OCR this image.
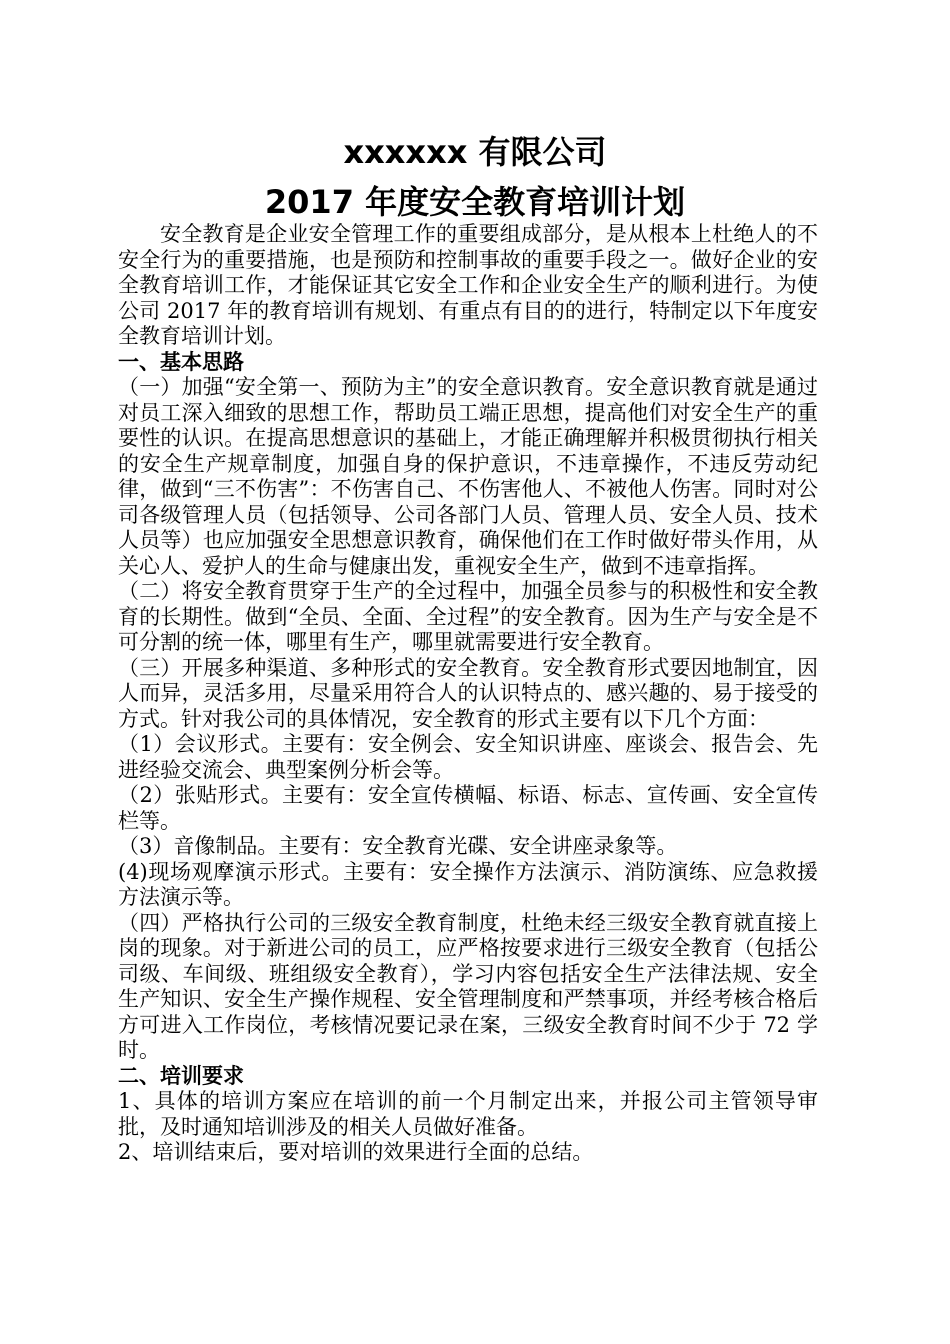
xxxxxx 有限公司
2017 年度安全教育培训计划

安全教育是企业安全管理工作的重要组成部分，是从根本上杜绝人的不安全行为的重要措施，也是预防和控制事故的重要手段之一。做好企业的安全教育培训工作，才能保证其它安全工作和企业安全生产的顺利进行。为使公司 2017 年的教育培训有规划、有重点有目的的进行，特制定以下年度安全教育培训计划。

一、基本思路

（一）加强“安全第一、预防为主”的安全意识教育。安全意识教育就是通过对员工深入细致的思想工作，帮助员工端正思想，提高他们对安全生产的重要性的认识。在提高思想意识的基础上，才能正确理解并积极贯彻执行相关的安全生产规章制度，加强自身的保护意识，不违章操作，不违反劳动纪律，做到“三不伤害”：不伤害自己、不伤害他人、不被他人伤害。同时对公司各级管理人员（包括领导、公司各部门人员、管理人员、安全人员、技术人员等）也应加强安全思想意识教育，确保他们在工作时做好带头作用，从关心人、爱护人的生命与健康出发，重视安全生产，做到不违章指挥。

（二）将安全教育贯穿于生产的全过程中，加强全员参与的积极性和安全教育的长期性。做到“全员、全面、全过程”的安全教育。因为生产与安全是不可分割的统一体，哪里有生产，哪里就需要进行安全教育。

（三）开展多种渠道、多种形式的安全教育。安全教育形式要因地制宜，因人而异，灵活多用，尽量采用符合人的认识特点的、感兴趣的、易于接受的方式。针对我公司的具体情况，安全教育的形式主要有以下几个方面：

（1）会议形式。主要有：安全例会、安全知识讲座、座谈会、报告会、先进经验交流会、典型案例分析会等。

（2）张贴形式。主要有：安全宣传横幅、标语、标志、宣传画、安全宣传栏等。

（3）音像制品。主要有：安全教育光碟、安全讲座录象等。

(4)现场观摩演示形式。主要有：安全操作方法演示、消防演练、应急救援方法演示等。

（四）严格执行公司的三级安全教育制度，杜绝未经三级安全教育就直接上岗的现象。对于新进公司的员工，应严格按要求进行三级安全教育（包括公司级、车间级、班组级安全教育），学习内容包括安全生产法律法规、安全生产知识、安全生产操作规程、安全管理制度和严禁事项，并经考核合格后方可进入工作岗位，考核情况要记录在案，三级安全教育时间不少于 72 学时。

二、培训要求

1、具体的培训方案应在培训的前一个月制定出来，并报公司主管领导审批，及时通知培训涉及的相关人员做好准备。

2、培训结束后，要对培训的效果进行全面的总结。
